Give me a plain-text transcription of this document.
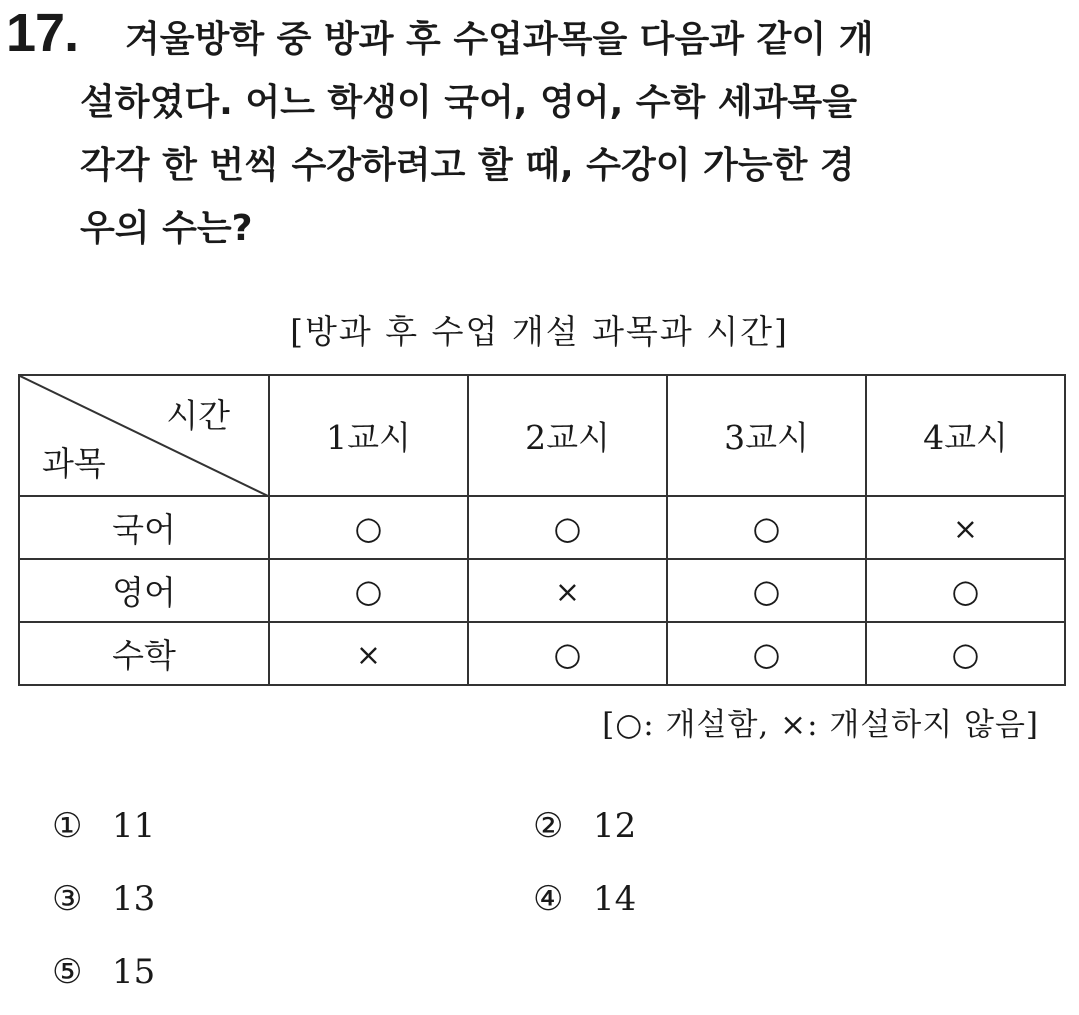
17.	겨울방학 중 방과 후 수업과목을 다음과 같이 개
설하였다. 어느 학생이 국어, 영어, 수학 세과목을
각각 한 번씩 수강하려고 할 때, 수강이 가능한 경
우의 수는?
[방과 후 수업 개설 과목과 시간]
시간
과목	1교시	2교시	3교시	4교시
국어	○	○	○	×
영어	○	×	○	○
수학	×	○	○	○
[○: 개설함, ×: 개설하지 않음]
① 11	② 12
③ 13	④ 14
⑤ 15
